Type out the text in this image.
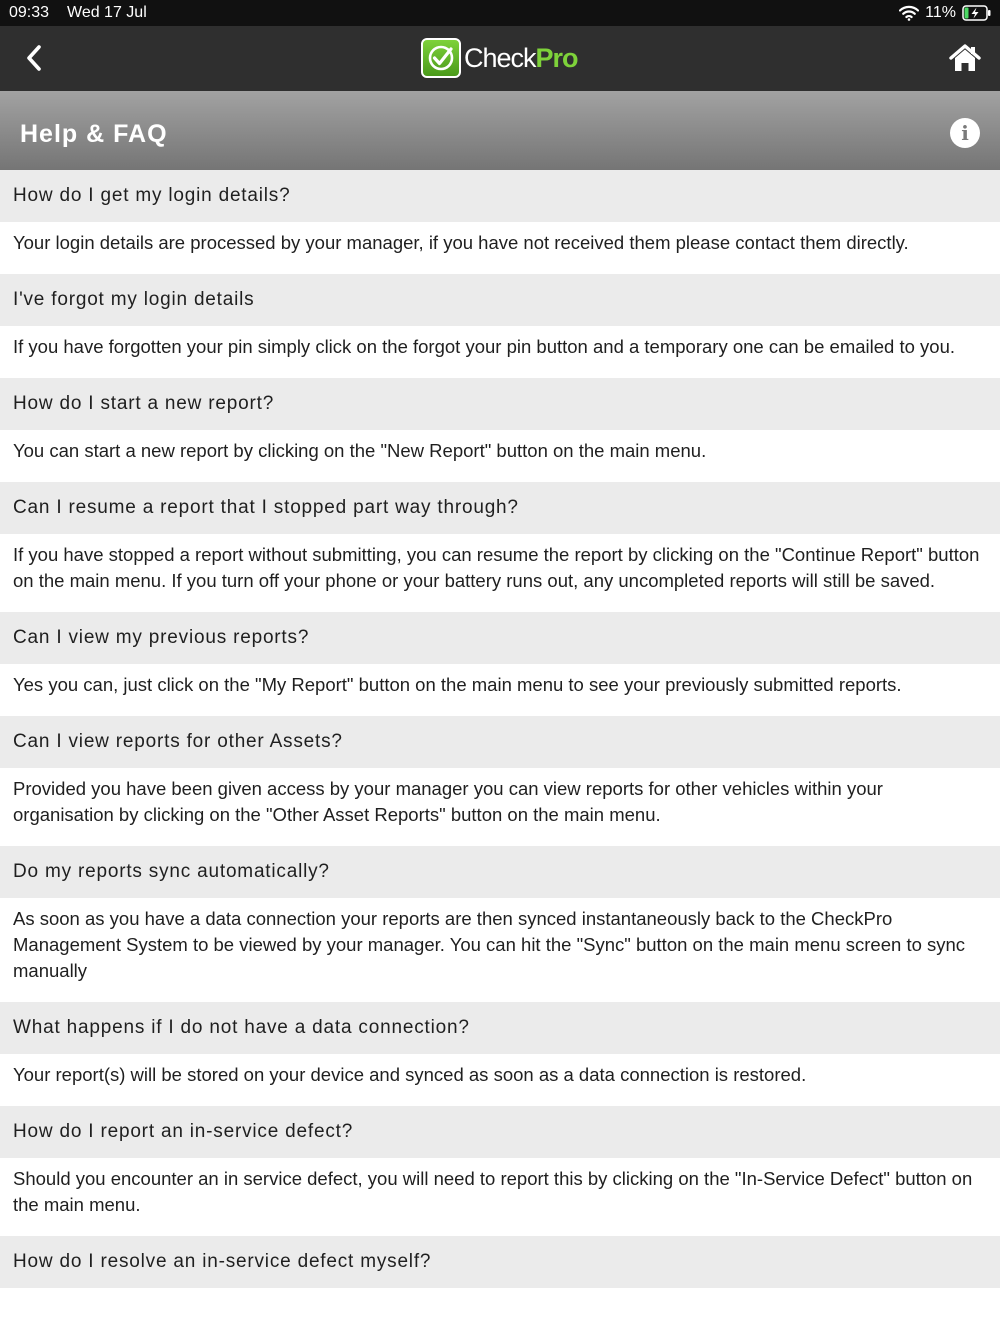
09:33 Wed 17 Jul	11%
CheckPro
Help & FAQ	i
How do I get my login details?
Your login details are processed by your manager, if you have not received them please contact them directly.
I've forgot my login details
If you have forgotten your pin simply click on the forgot your pin button and a temporary one can be emailed to you.
How do I start a new report?
You can start a new report by clicking on the "New Report" button on the main menu.
Can I resume a report that I stopped part way through?
If you have stopped a report without submitting, you can resume the report by clicking on the "Continue Report" button on the main menu. If you turn off your phone or your battery runs out, any uncompleted reports will still be saved.
Can I view my previous reports?
Yes you can, just click on the "My Report" button on the main menu to see your previously submitted reports.
Can I view reports for other Assets?
Provided you have been given access by your manager you can view reports for other vehicles within your organisation by clicking on the "Other Asset Reports" button on the main menu.
Do my reports sync automatically?
As soon as you have a data connection your reports are then synced instantaneously back to the CheckPro Management System to be viewed by your manager. You can hit the "Sync" button on the main menu screen to sync manually
What happens if I do not have a data connection?
Your report(s) will be stored on your device and synced as soon as a data connection is restored.
How do I report an in-service defect?
Should you encounter an in service defect, you will need to report this by clicking on the "In-Service Defect" button on the main menu.
How do I resolve an in-service defect myself?
